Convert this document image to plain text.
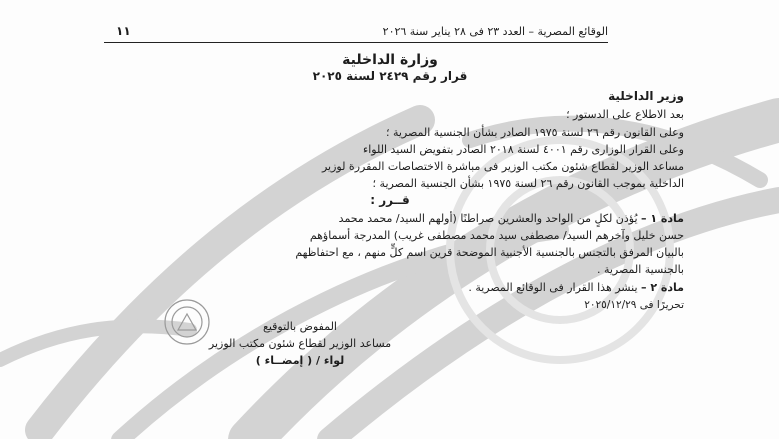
الوقائع المصرية – العدد ٢٣ فى ٢٨ يناير سنة ٢٠٢٦
١١
وزارة الداخلية
قرار رقم ٢٤٢٩ لسنة ٢٠٢٥
وزير الداخلية
بعد الاطلاع على الدستور ؛
وعلى القانون رقم ٢٦ لسنة ١٩٧٥ الصادر بشأن الجنسية المصرية ؛
وعلى القرار الوزارى رقم ٤٠٠١ لسنة ٢٠١٨ الصادر بتفويض السيد اللواء
مساعد الوزير لقطاع شئون مكتب الوزير فى مباشرة الاختصاصات المقررة لوزير
الداخلية بموجب القانون رقم ٢٦ لسنة ١٩٧٥ بشأن الجنسية المصرية ؛
قــرر :
مادة ١ – يُؤذن لكلٍ من الواحد والعشرين صراطنًا (أولهم السيد/ محمد محمد
حسن خليل وآخرهم السيد/ مصطفى سيد محمد مصطفى غريب) المدرجة أسماؤهم
بالبيان المرفق بالتجنس بالجنسية الأجنبية الموضحة قرين اسم كلٍّ منهم ، مع احتفاظهم
بالجنسية المصرية .
مادة ٢ – ينشر هذا القرار فى الوقائع المصرية .
تحريرًا فى ٢٠٢٥/١٢/٢٩
المفوض بالتوقيع
مساعد الوزير لقطاع شئون مكتب الوزير
لواء / ( إمضــاء )
